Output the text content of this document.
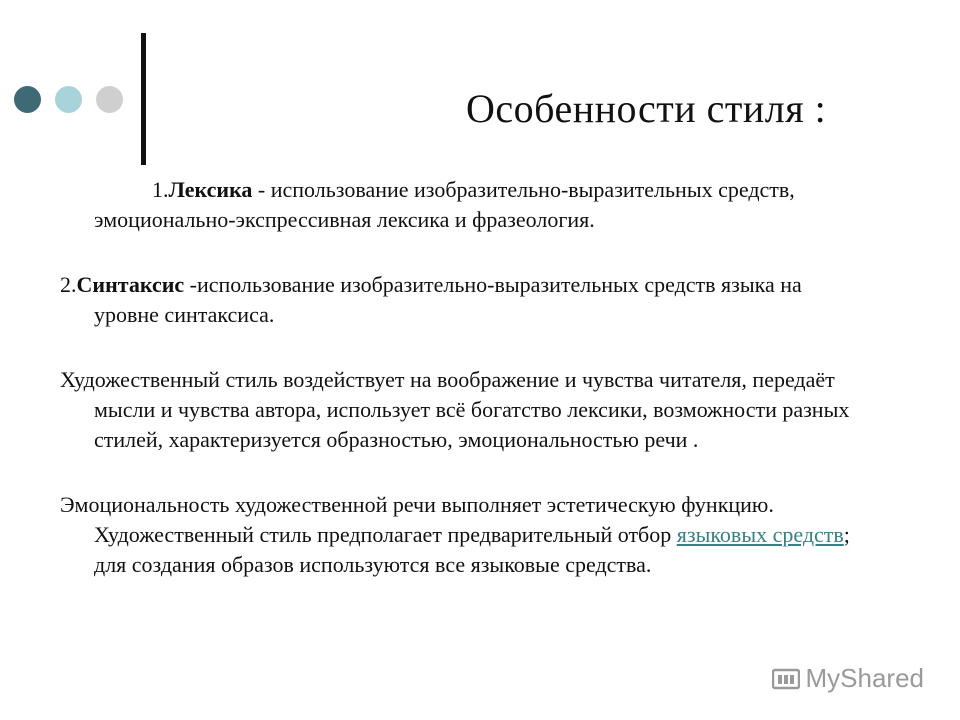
Особенности стиля :

1.Лексика - использование изобразительно-выразительных средств, эмоционально-экспрессивная лексика и фразеология.

2.Синтаксис -использование изобразительно-выразительных средств языка на уровне синтаксиса.

Художественный стиль воздействует на воображение и чувства читателя, передаёт мысли и чувства автора, использует всё богатство лексики, возможности разных стилей, характеризуется образностью, эмоциональностью речи .

Эмоциональность художественной речи выполняет эстетическую функцию. Художественный стиль предполагает предварительный отбор языковых средств; для создания образов используются все языковые средства.

MyShared
